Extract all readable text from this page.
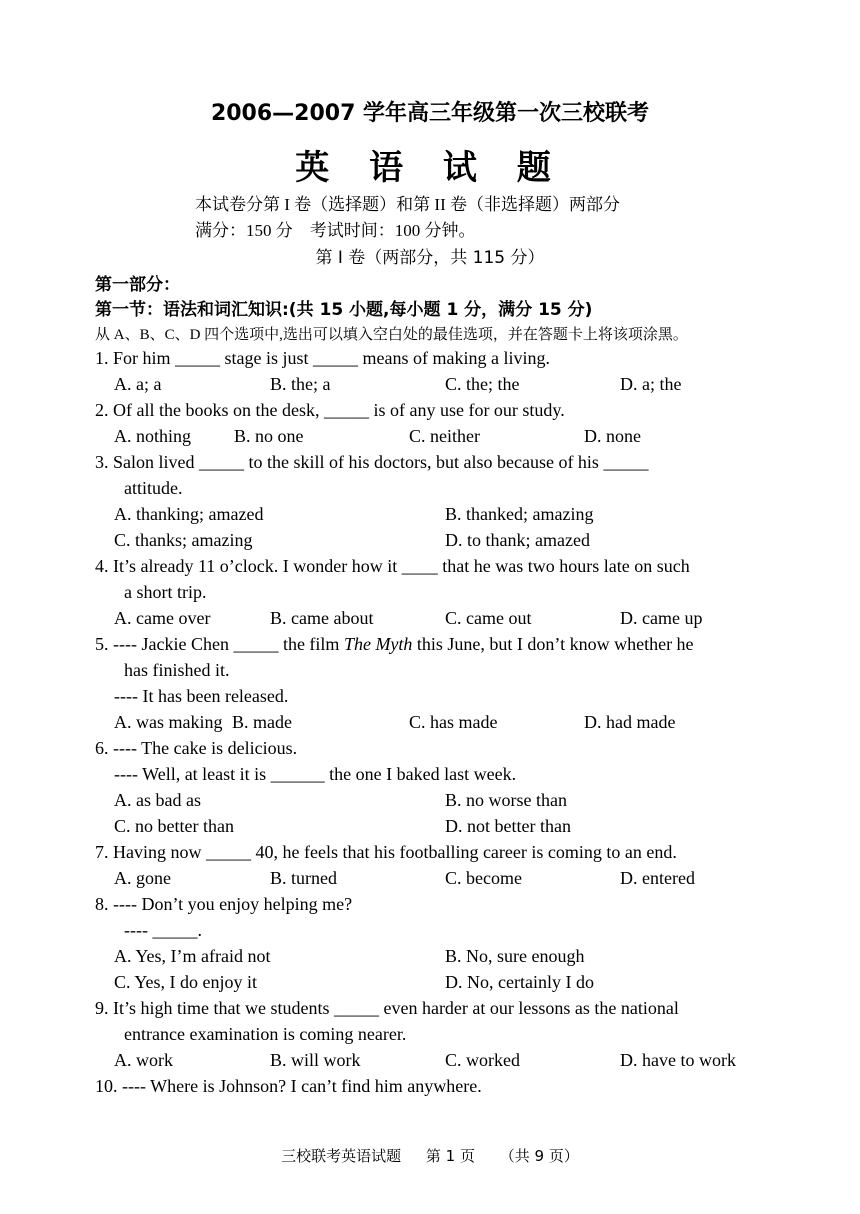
2006—2007 学年高三年级第一次三校联考
英 语 试 题
本试卷分第 I 卷（选择题）和第 II 卷（非选择题）两部分
满分：150 分　考试时间：100 分钟。
第 I 卷（两部分，共 115 分）
第一部分：
第一节：语法和词汇知识:(共 15 小题,每小题 1 分，满分 15 分)
从 A、B、C、D 四个选项中,选出可以填入空白处的最佳选项，并在答题卡上将该项涂黑。
1. For him _____ stage is just _____ means of making a living.
A. a; a	B. the; a	C. the; the	D. a; the
2. Of all the books on the desk, _____ is of any use for our study.
A. nothing B. no one	C. neither	D. none
3. Salon lived _____ to the skill of his doctors, but also because of his _____
attitude.
A. thanking; amazed	B. thanked; amazing
C. thanks; amazing	D. to thank; amazed
4. It’s already 11 o’clock. I wonder how it ____ that he was two hours late on such
a short trip.
A. came over	B. came about	C. came out	D. came up
5. ---- Jackie Chen _____ the film The Myth this June, but I don’t know whether he
has finished it.
---- It has been released.
A. was making B. made	C. has made	D. had made
6. ---- The cake is delicious.
---- Well, at least it is ______ the one I baked last week.
A. as bad as	B. no worse than
C. no better than	D. not better than
7. Having now _____ 40, he feels that his footballing career is coming to an end.
A. gone	B. turned	C. become	D. entered
8. ---- Don’t you enjoy helping me?
---- _____.
A. Yes, I’m afraid not	B. No, sure enough
C. Yes, I do enjoy it	D. No, certainly I do
9. It’s high time that we students _____ even harder at our lessons as the national
entrance examination is coming nearer.
A. work	B. will work	C. worked	D. have to work
10. ---- Where is Johnson? I can’t find him anywhere.
三校联考英语试题 第 1 页 （共 9 页）
